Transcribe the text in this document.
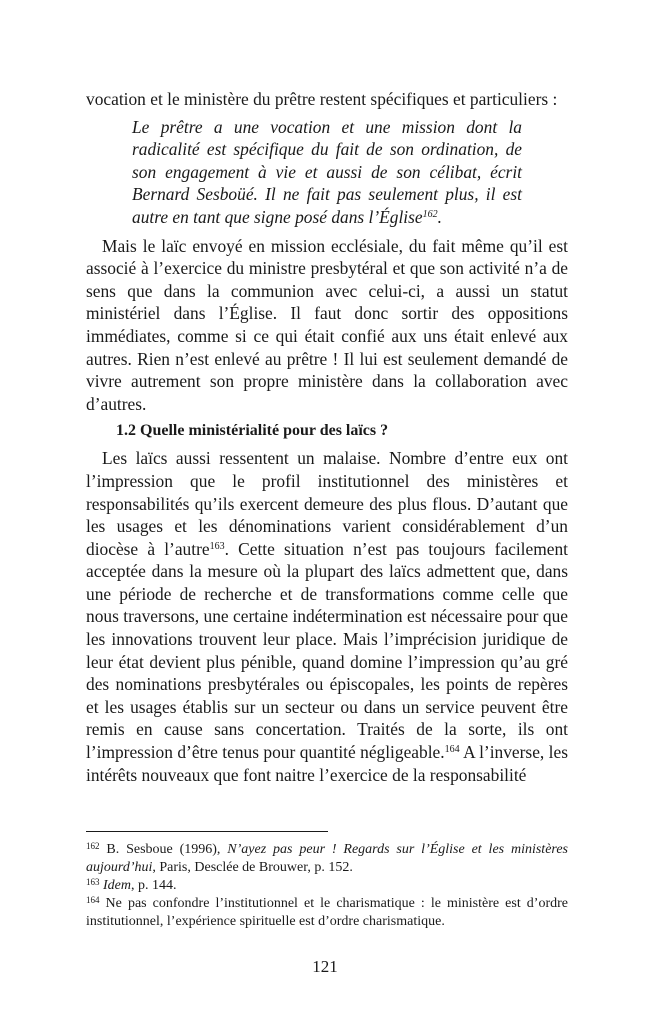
vocation et le ministère du prêtre restent spécifiques et particuliers :

Le prêtre a une vocation et une mission dont la radicalité est spécifique du fait de son ordination, de son engagement à vie et aussi de son célibat, écrit Bernard Sesboüé. Il ne fait pas seulement plus, il est autre en tant que signe posé dans l’Église$^{162}$.

Mais le laïc envoyé en mission ecclésiale, du fait même qu’il est associé à l’exercice du ministre presbytéral et que son activité n’a de sens que dans la communion avec celui-ci, a aussi un statut ministériel dans l’Église. Il faut donc sortir des oppositions immédiates, comme si ce qui était confié aux uns était enlevé aux autres. Rien n’est enlevé au prêtre ! Il lui est seulement demandé de vivre autrement son propre ministère dans la collaboration avec d’autres.

1.2 Quelle ministérialité pour des laïcs ?

Les laïcs aussi ressentent un malaise. Nombre d’entre eux ont l’impression que le profil institutionnel des ministères et responsabilités qu’ils exercent demeure des plus flous. D’autant que les usages et les dénominations varient considérablement d’un diocèse à l’autre$^{163}$. Cette situation n’est pas toujours facilement acceptée dans la mesure où la plupart des laïcs admettent que, dans une période de recherche et de transformations comme celle que nous traversons, une certaine indétermination est nécessaire pour que les innovations trouvent leur place. Mais l’imprécision juridique de leur état devient plus pénible, quand domine l’impression qu’au gré des nominations presbytérales ou épiscopales, les points de repères et les usages établis sur un secteur ou dans un service peuvent être remis en cause sans concertation. Traités de la sorte, ils ont l’impression d’être tenus pour quantité négligeable.$^{164}$ A l’inverse, les intérêts nouveaux que font naitre l’exercice de la responsabilité

$^{162}$ B. Sesboue (1996), N’ayez pas peur ! Regards sur l’Église et les ministères aujourd’hui, Paris, Desclée de Brouwer, p. 152.

$^{163}$ Idem, p. 144.

$^{164}$ Ne pas confondre l’institutionnel et le charismatique : le ministère est d’ordre institutionnel, l’expérience spirituelle est d’ordre charismatique.

121
